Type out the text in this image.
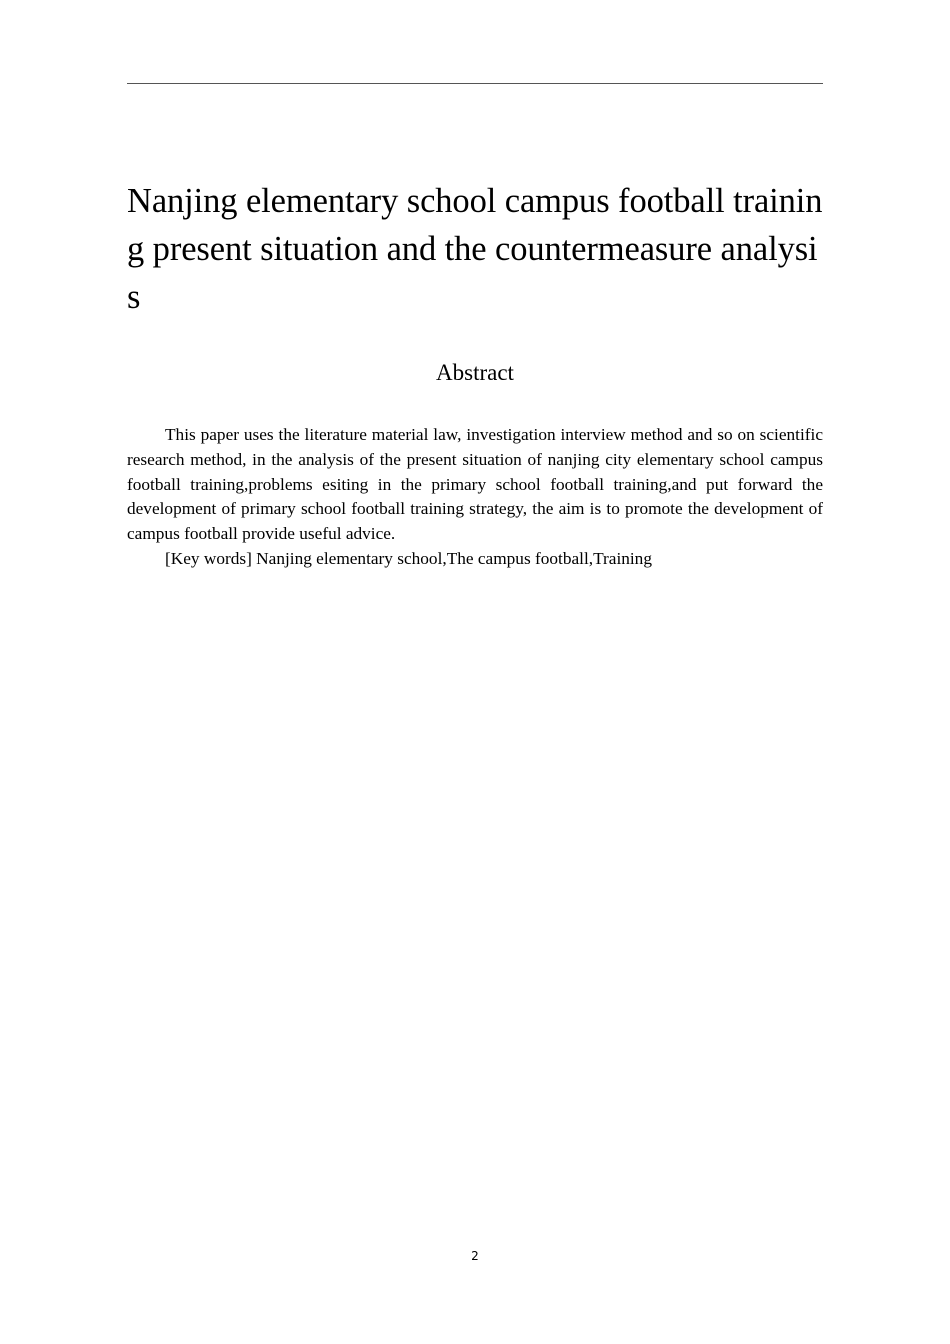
Nanjing elementary school campus football training present situation and the countermeasure analysis
Abstract

This paper uses the literature material law, investigation interview method and so on scientific research method, in the analysis of the present situation of nanjing city elementary school campus football training,problems esiting in the primary school football training,and put forward the development of primary school football training strategy, the aim is to promote the development of campus football provide useful advice.

[Key words] Nanjing elementary school,The campus football,Training

2
